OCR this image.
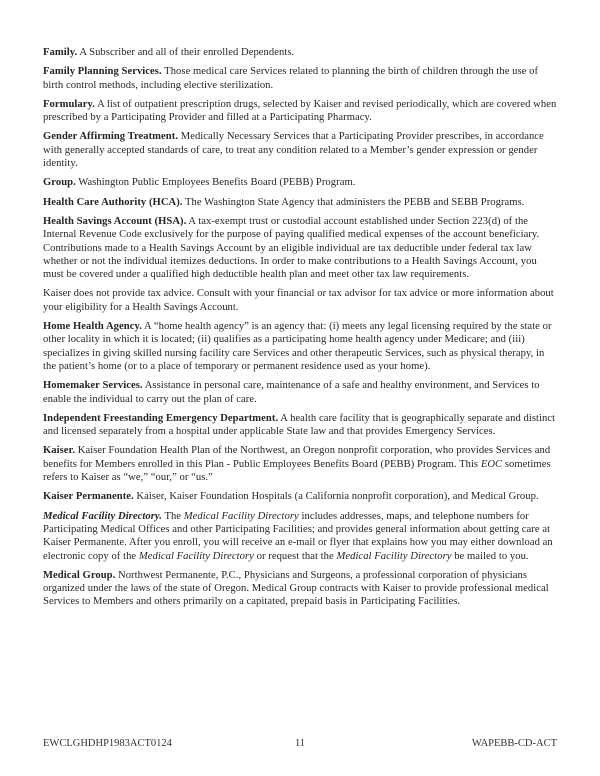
Family. A Subscriber and all of their enrolled Dependents.

Family Planning Services. Those medical care Services related to planning the birth of children through the use of birth control methods, including elective sterilization.

Formulary. A list of outpatient prescription drugs, selected by Kaiser and revised periodically, which are covered when prescribed by a Participating Provider and filled at a Participating Pharmacy.

Gender Affirming Treatment. Medically Necessary Services that a Participating Provider prescribes, in accordance with generally accepted standards of care, to treat any condition related to a Member’s gender expression or gender identity.

Group. Washington Public Employees Benefits Board (PEBB) Program.

Health Care Authority (HCA). The Washington State Agency that administers the PEBB and SEBB Programs.

Health Savings Account (HSA). A tax-exempt trust or custodial account established under Section 223(d) of the Internal Revenue Code exclusively for the purpose of paying qualified medical expenses of the account beneficiary. Contributions made to a Health Savings Account by an eligible individual are tax deductible under federal tax law whether or not the individual itemizes deductions. In order to make contributions to a Health Savings Account, you must be covered under a qualified high deductible health plan and meet other tax law requirements.

Kaiser does not provide tax advice. Consult with your financial or tax advisor for tax advice or more information about your eligibility for a Health Savings Account.

Home Health Agency. A “home health agency” is an agency that: (i) meets any legal licensing required by the state or other locality in which it is located; (ii) qualifies as a participating home health agency under Medicare; and (iii) specializes in giving skilled nursing facility care Services and other therapeutic Services, such as physical therapy, in the patient’s home (or to a place of temporary or permanent residence used as your home).

Homemaker Services. Assistance in personal care, maintenance of a safe and healthy environment, and Services to enable the individual to carry out the plan of care.

Independent Freestanding Emergency Department. A health care facility that is geographically separate and distinct and licensed separately from a hospital under applicable State law and that provides Emergency Services.

Kaiser. Kaiser Foundation Health Plan of the Northwest, an Oregon nonprofit corporation, who provides Services and benefits for Members enrolled in this Plan - Public Employees Benefits Board (PEBB) Program. This EOC sometimes refers to Kaiser as “we,” “our,” or “us.”

Kaiser Permanente. Kaiser, Kaiser Foundation Hospitals (a California nonprofit corporation), and Medical Group.

Medical Facility Directory. The Medical Facility Directory includes addresses, maps, and telephone numbers for Participating Medical Offices and other Participating Facilities; and provides general information about getting care at Kaiser Permanente. After you enroll, you will receive an e-mail or flyer that explains how you may either download an electronic copy of the Medical Facility Directory or request that the Medical Facility Directory be mailed to you.

Medical Group. Northwest Permanente, P.C., Physicians and Surgeons, a professional corporation of physicians organized under the laws of the state of Oregon. Medical Group contracts with Kaiser to provide professional medical Services to Members and others primarily on a capitated, prepaid basis in Participating Facilities.

EWCLGHDHP1983ACT0124	11	WAPEBB-CD-ACT
